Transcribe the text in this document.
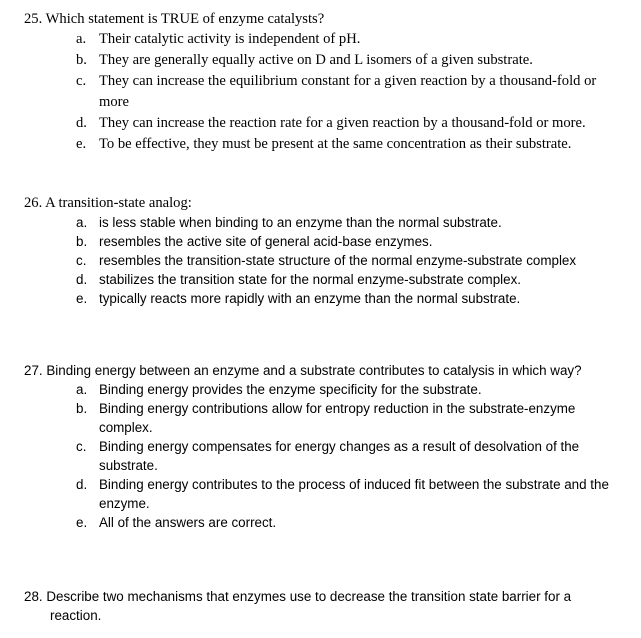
25. Which statement is TRUE of enzyme catalysts?

a. Their catalytic activity is independent of pH.
b. They are generally equally active on D and L isomers of a given substrate.
c. They can increase the equilibrium constant for a given reaction by a thousand-fold or more
d. They can increase the reaction rate for a given reaction by a thousand-fold or more.
e. To be effective, they must be present at the same concentration as their substrate.

26. A transition-state analog:

a. is less stable when binding to an enzyme than the normal substrate.
b. resembles the active site of general acid-base enzymes.
c. resembles the transition-state structure of the normal enzyme-substrate complex
d. stabilizes the transition state for the normal enzyme-substrate complex.
e. typically reacts more rapidly with an enzyme than the normal substrate.

27. Binding energy between an enzyme and a substrate contributes to catalysis in which way?

a. Binding energy provides the enzyme specificity for the substrate.
b. Binding energy contributions allow for entropy reduction in the substrate-enzyme complex.
c. Binding energy compensates for energy changes as a result of desolvation of the substrate.
d. Binding energy contributes to the process of induced fit between the substrate and the enzyme.
e. All of the answers are correct.

28. Describe two mechanisms that enzymes use to decrease the transition state barrier for a reaction.
